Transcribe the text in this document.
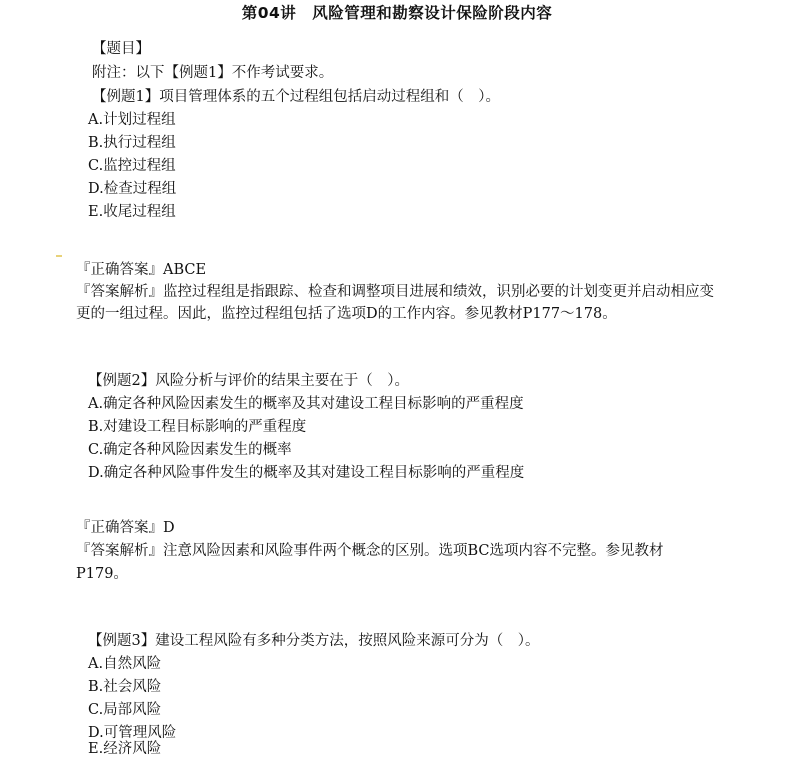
第04讲　风险管理和勘察设计保险阶段内容
【题目】
附注：以下【例题1】不作考试要求。
【例题1】项目管理体系的五个过程组包括启动过程组和（　）。
A.计划过程组
B.执行过程组
C.监控过程组
D.检查过程组
E.收尾过程组
『正确答案』ABCE
『答案解析』监控过程组是指跟踪、检查和调整项目进展和绩效，识别必要的计划变更并启动相应变
更的一组过程。因此，监控过程组包括了选项D的工作内容。参见教材P177～178。
【例题2】风险分析与评价的结果主要在于（　）。
A.确定各种风险因素发生的概率及其对建设工程目标影响的严重程度
B.对建设工程目标影响的严重程度
C.确定各种风险因素发生的概率
D.确定各种风险事件发生的概率及其对建设工程目标影响的严重程度
『正确答案』D
『答案解析』注意风险因素和风险事件两个概念的区别。选项BC选项内容不完整。参见教材
P179。
【例题3】建设工程风险有多种分类方法，按照风险来源可分为（　）。
A.自然风险
B.社会风险
C.局部风险
D.可管理风险
E.经济风险
